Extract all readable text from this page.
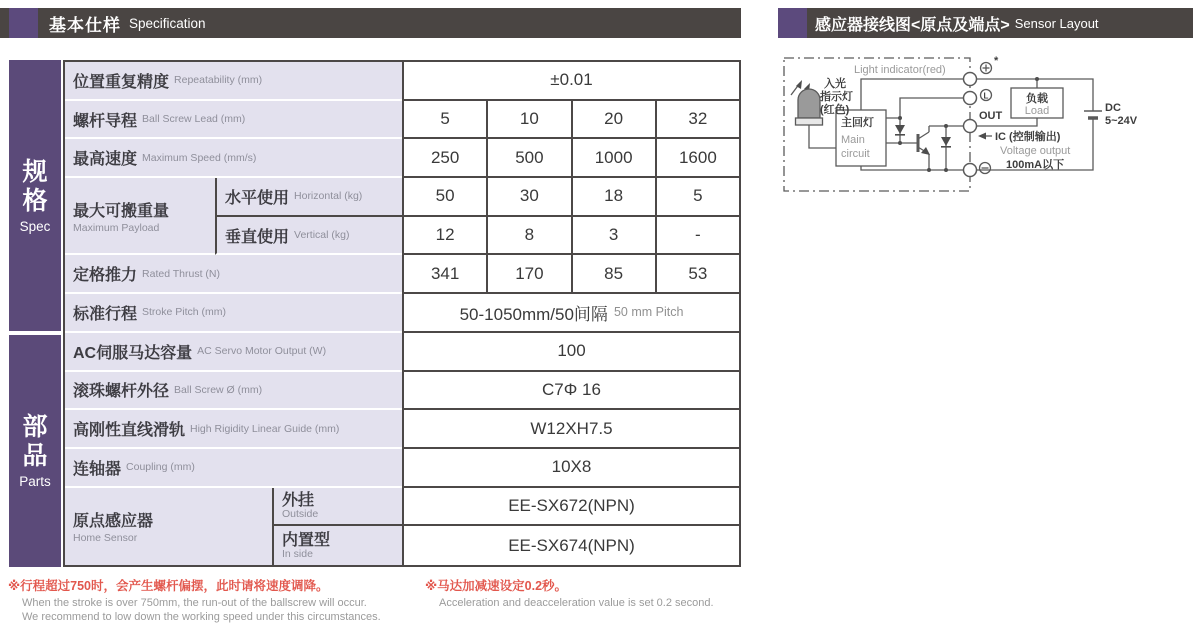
基本仕样 Specification	感应器接线图<原点及端点> Sensor Layout
规
格
Spec
部
品
Parts
位置重复精度 Repeatability (mm)	±0.01
螺杆导程 Ball Screw Lead (mm)	5	10	20	32
最高速度 Maximum Speed (mm/s)	250	500	1000	1600
最大可搬重量
Maximum Payload
水平使用 Horizontal (kg)	50	30	18	5
垂直使用 Vertical (kg)	12	8	3	-
定格推力 Rated Thrust (N)	341	170	85	53
标准行程 Stroke Pitch (mm)	50-1050mm/50间隔 50 mm Pitch
AC伺服马达容量 AC Servo Motor Output (W)	100
滚珠螺杆外径 Ball Screw Ø (mm)	C7Φ 16
高刚性直线滑轨 High Rigidity Linear Guide (mm)	W12XH7.5
连轴器 Coupling (mm)	10X8
原点感应器
Home Sensor
外挂
Outside	EE-SX672(NPN)
内置型
In side	EE-SX674(NPN)
※行程超过750时，会产生螺杆偏摆，此时请将速度调降。
When the stroke is over 750mm, the run-out of the ballscrew will occur.
We recommend to low down the working speed under this circumstances.
※马达加减速设定0.2秒。
Acceleration and deacceleration value is set 0.2 second.
Light indicator(red)
入光
指示灯
(红色)
主回灯
Main
circuit
*
L
OUT
IC (控制输出)
Voltage output
100mA以下
负载
Load	DC
5~24V
